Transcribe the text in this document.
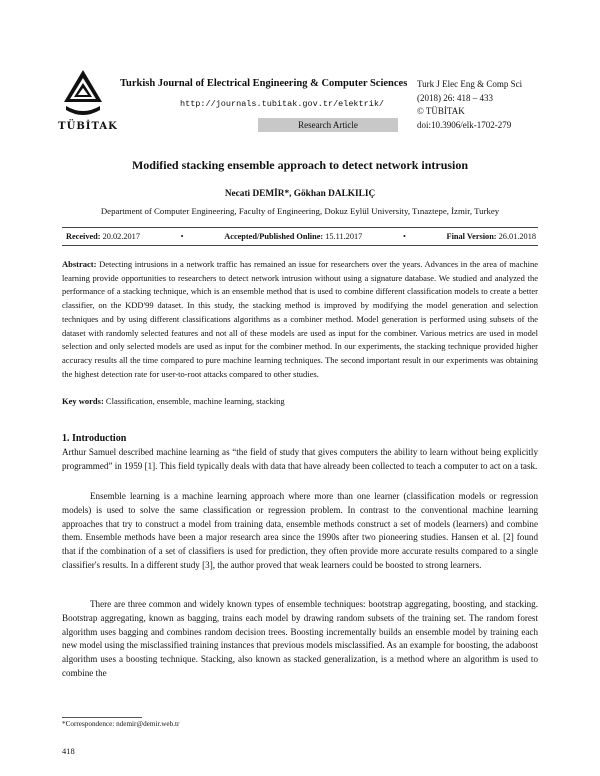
TÜBİTAK
Turkish Journal of Electrical Engineering & Computer Sciences
http://journals.tubitak.gov.tr/elektrik/
Research Article
Turk J Elec Eng & Comp Sci
(2018) 26: 418 – 433
© TÜBİTAK
doi:10.3906/elk-1702-279
Modified stacking ensemble approach to detect network intrusion
Necati DEMİR*, Gökhan DALKILIÇ
Department of Computer Engineering, Faculty of Engineering, Dokuz Eylül University, Tınaztepe, İzmir, Turkey
Received: 20.02.2017	•	Accepted/Published Online: 15.11.2017	•	Final Version: 26.01.2018
Abstract: Detecting intrusions in a network traffic has remained an issue for researchers over the years. Advances in the area of machine learning provide opportunities to researchers to detect network intrusion without using a signature database. We studied and analyzed the performance of a stacking technique, which is an ensemble method that is used to combine different classification models to create a better classifier, on the KDD'99 dataset. In this study, the stacking method is improved by modifying the model generation and selection techniques and by using different classifications algorithms as a combiner method. Model generation is performed using subsets of the dataset with randomly selected features and not all of these models are used as input for the combiner. Various metrics are used in model selection and only selected models are used as input for the combiner method. In our experiments, the stacking technique provided higher accuracy results all the time compared to pure machine learning techniques. The second important result in our experiments was obtaining the highest detection rate for user-to-root attacks compared to other studies.
Key words: Classification, ensemble, machine learning, stacking
1. Introduction
Arthur Samuel described machine learning as “the field of study that gives computers the ability to learn without being explicitly programmed” in 1959 [1]. This field typically deals with data that have already been collected to teach a computer to act on a task.
Ensemble learning is a machine learning approach where more than one learner (classification models or regression models) is used to solve the same classification or regression problem. In contrast to the conventional machine learning approaches that try to construct a model from training data, ensemble methods construct a set of models (learners) and combine them. Ensemble methods have been a major research area since the 1990s after two pioneering studies. Hansen et al. [2] found that if the combination of a set of classifiers is used for prediction, they often provide more accurate results compared to a single classifier's results. In a different study [3], the author proved that weak learners could be boosted to strong learners.
There are three common and widely known types of ensemble techniques: bootstrap aggregating, boosting, and stacking. Bootstrap aggregating, known as bagging, trains each model by drawing random subsets of the training set. The random forest algorithm uses bagging and combines random decision trees. Boosting incrementally builds an ensemble model by training each new model using the misclassified training instances that previous models misclassified. As an example for boosting, the adaboost algorithm uses a boosting technique. Stacking, also known as stacked generalization, is a method where an algorithm is used to combine the
*Correspondence: ndemir@demir.web.tr
418
